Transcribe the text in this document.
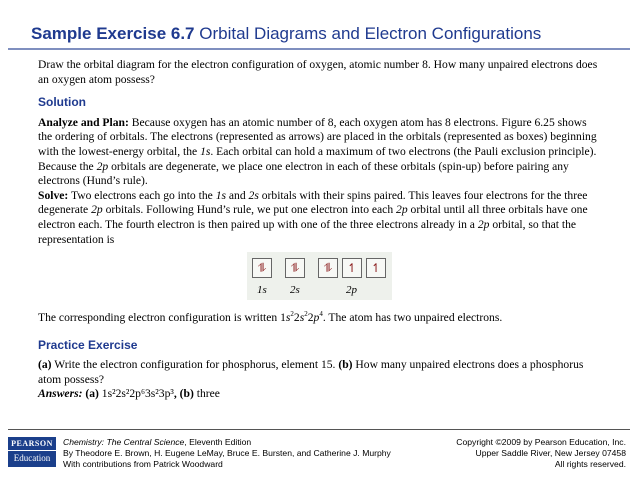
Sample Exercise 6.7 Orbital Diagrams and Electron Configurations

Draw the orbital diagram for the electron configuration of oxygen, atomic number 8. How many unpaired electrons does an oxygen atom possess?

Solution

Analyze and Plan: Because oxygen has an atomic number of 8, each oxygen atom has 8 electrons. Figure 6.25 shows the ordering of orbitals. The electrons (represented as arrows) are placed in the orbitals (represented as boxes) beginning with the lowest-energy orbital, the 1s. Each orbital can hold a maximum of two electrons (the Pauli exclusion principle). Because the 2p orbitals are degenerate, we place one electron in each of these orbitals (spin-up) before pairing any electrons (Hund’s rule).

Solve: Two electrons each go into the 1s and 2s orbitals with their spins paired. This leaves four electrons for the three degenerate 2p orbitals. Following Hund’s rule, we put one electron into each 2p orbital until all three orbitals have one electron each. The fourth electron is then paired up with one of the three electrons already in a 2p orbital, so that the representation is

⥮	⥮	⥮	↿	↿
1s 2s	2p

The corresponding electron configuration is written $1s^22s^22p^4$. The atom has two unpaired electrons.

Practice Exercise

(a) Write the electron configuration for phosphorus, element 15. (b) How many unpaired electrons does a phosphorus atom possess?

Answers: (a) 1s²2s²2p⁶3s²3p³, (b) three

PEARSON
Education
Chemistry: The Central Science, Eleventh Edition
By Theodore E. Brown, H. Eugene LeMay, Bruce E. Bursten, and Catherine J. Murphy
With contributions from Patrick Woodward
Copyright ©2009 by Pearson Education, Inc.
Upper Saddle River, New Jersey 07458
All rights reserved.
